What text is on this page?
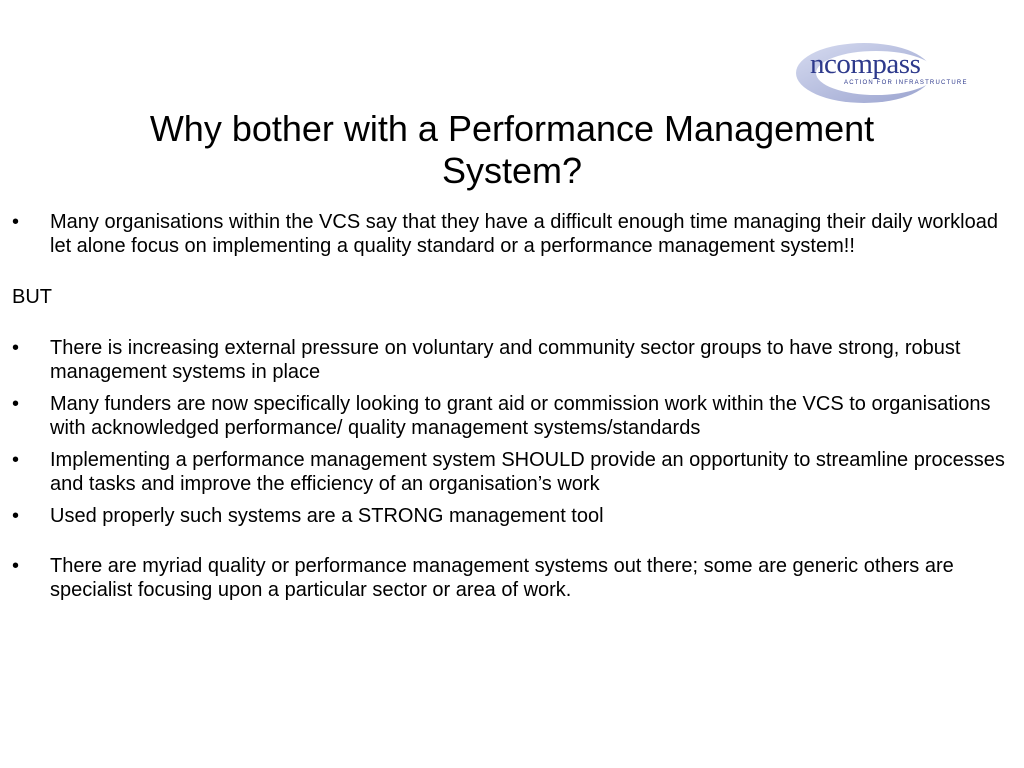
ncompass
ACTION FOR INFRASTRUCTURE
Why bother with a Performance Management System?
•	Many organisations within the VCS say that they have a difficult enough time managing their daily workload let alone focus on implementing a quality standard or a performance management system!!

BUT

•	There is increasing external pressure on voluntary and community sector groups to have strong, robust management systems in place
•	Many funders are now specifically looking to grant aid or commission work within the VCS to organisations with acknowledged performance/ quality management systems/standards
•	Implementing a performance management system SHOULD provide an opportunity to streamline processes and tasks and improve the efficiency of an organisation’s work
•	Used properly such systems are a STRONG management tool
•	There are myriad quality or performance management systems out there; some are generic others are specialist focusing upon a particular sector or area of work.
